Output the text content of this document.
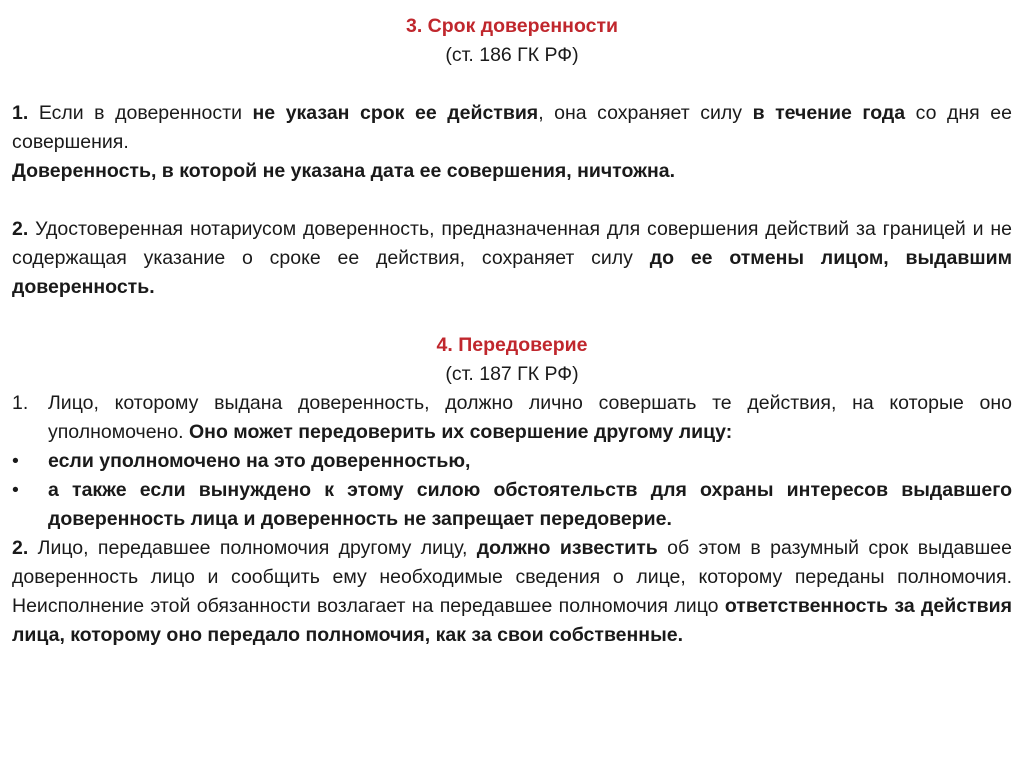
3. Срок доверенности

(ст. 186 ГК РФ)

1. Если в доверенности не указан срок ее действия, она сохраняет силу в течение года со дня ее совершения.

Доверенность, в которой не указана дата ее совершения, ничтожна.

2. Удостоверенная нотариусом доверенность, предназначенная для совершения действий за границей и не содержащая указание о сроке ее действия, сохраняет силу до ее отмены лицом, выдавшим доверенность.

4. Передоверие

(ст. 187 ГК РФ)

1.	Лицо, которому выдана доверенность, должно лично совершать те действия, на которые оно уполномочено. Оно может передоверить их совершение другому лицу:
•	если уполномочено на это доверенностью,
•	а также если вынуждено к этому силою обстоятельств для охраны интересов выдавшего доверенность лица и доверенность не запрещает передоверие.

2. Лицо, передавшее полномочия другому лицу, должно известить об этом в разумный срок выдавшее доверенность лицо и сообщить ему необходимые сведения о лице, которому переданы полномочия. Неисполнение этой обязанности возлагает на передавшее полномочия лицо ответственность за действия лица, которому оно передало полномочия, как за свои собственные.
